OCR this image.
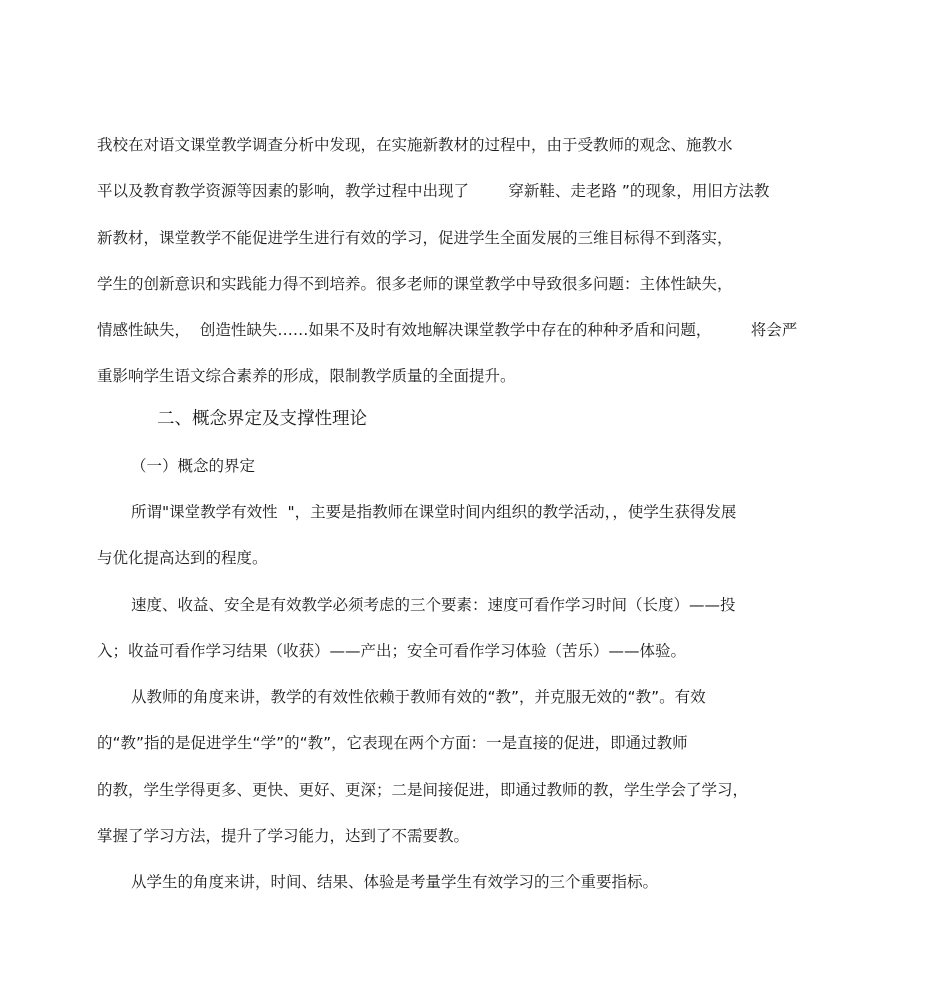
我校在对语文课堂教学调查分析中发现，在实施新教材的过程中，由于受教师的观念、施教水
平以及教育教学资源等因素的影响，教学过程中出现了        穿新鞋、走老路 ”的现象，用旧方法教
新教材，课堂教学不能促进学生进行有效的学习，促进学生全面发展的三维目标得不到落实，
学生的创新意识和实践能力得不到培养。很多老师的课堂教学中导致很多问题：主体性缺失，
情感性缺失，  创造性缺失……如果不及时有效地解决课堂教学中存在的种种矛盾和问题，        将会严
重影响学生语文综合素养的形成，限制教学质量的全面提升。
二、概念界定及支撑性理论
（一）概念的界定
所谓"课堂教学有效性  "，主要是指教师在课堂时间内组织的教学活动，，使学生获得发展
与优化提高达到的程度。
速度、收益、安全是有效教学必须考虑的三个要素：速度可看作学习时间（长度）——投
入；收益可看作学习结果（收获）——产出；安全可看作学习体验（苦乐）——体验。
从教师的角度来讲，教学的有效性依赖于教师有效的“教”，并克服无效的“教”。有效
的“教”指的是促进学生“学”的“教”，它表现在两个方面：一是直接的促进，即通过教师
的教，学生学得更多、更快、更好、更深；二是间接促进，即通过教师的教，学生学会了学习，
掌握了学习方法，提升了学习能力，达到了不需要教。
从学生的角度来讲，时间、结果、体验是考量学生有效学习的三个重要指标。
